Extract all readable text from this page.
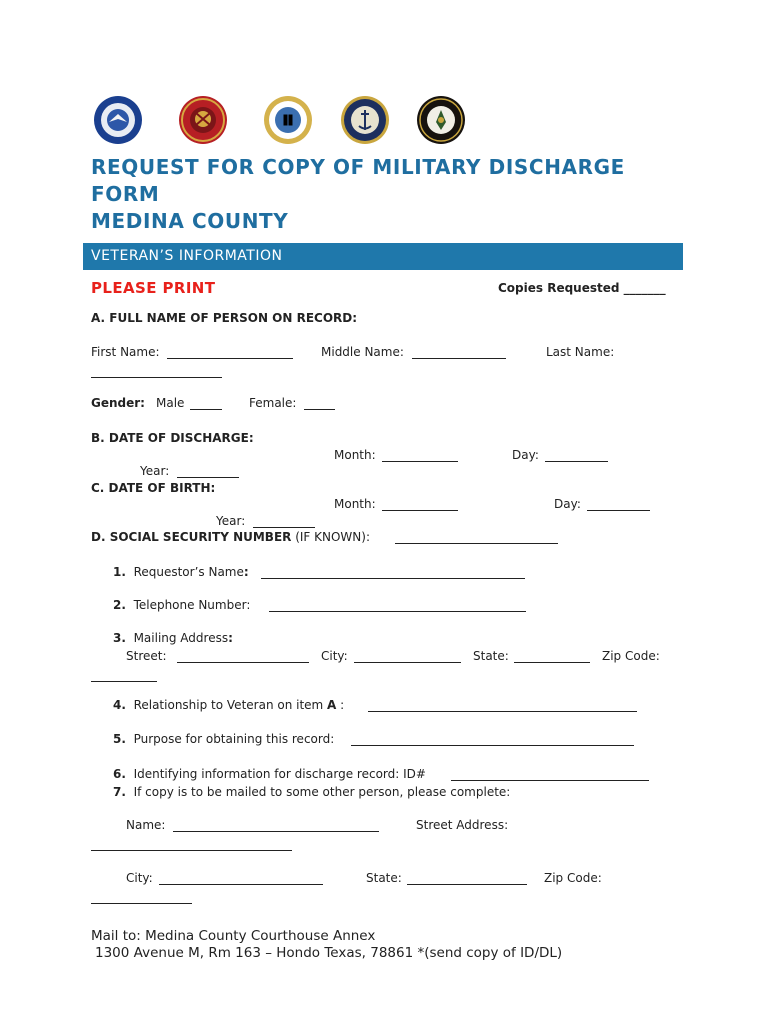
REQUEST FOR COPY OF MILITARY DISCHARGE
FORM
MEDINA COUNTY
VETERAN’S INFORMATION
PLEASE PRINT	Copies Requested _______
A. FULL NAME OF PERSON ON RECORD:
First Name:	Middle Name:	Last Name:
Gender: Male	Female:
B. DATE OF DISCHARGE:
Month:	Day:
Year:
C. DATE OF BIRTH:
Month:	Day:
Year:
D. SOCIAL SECURITY NUMBER (IF KNOWN):
1. Requestor’s Name:
2. Telephone Number:
3. Mailing Address:
Street:	City:	State:	Zip Code:
4. Relationship to Veteran on item A :
5. Purpose for obtaining this record:
6. Identifying information for discharge record: ID#
7. If copy is to be mailed to some other person, please complete:
Name:	Street Address:
City:	State:	Zip Code:
Mail to: Medina County Courthouse Annex
1300 Avenue M, Rm 163 – Hondo Texas, 78861 *(send copy of ID/DL)
